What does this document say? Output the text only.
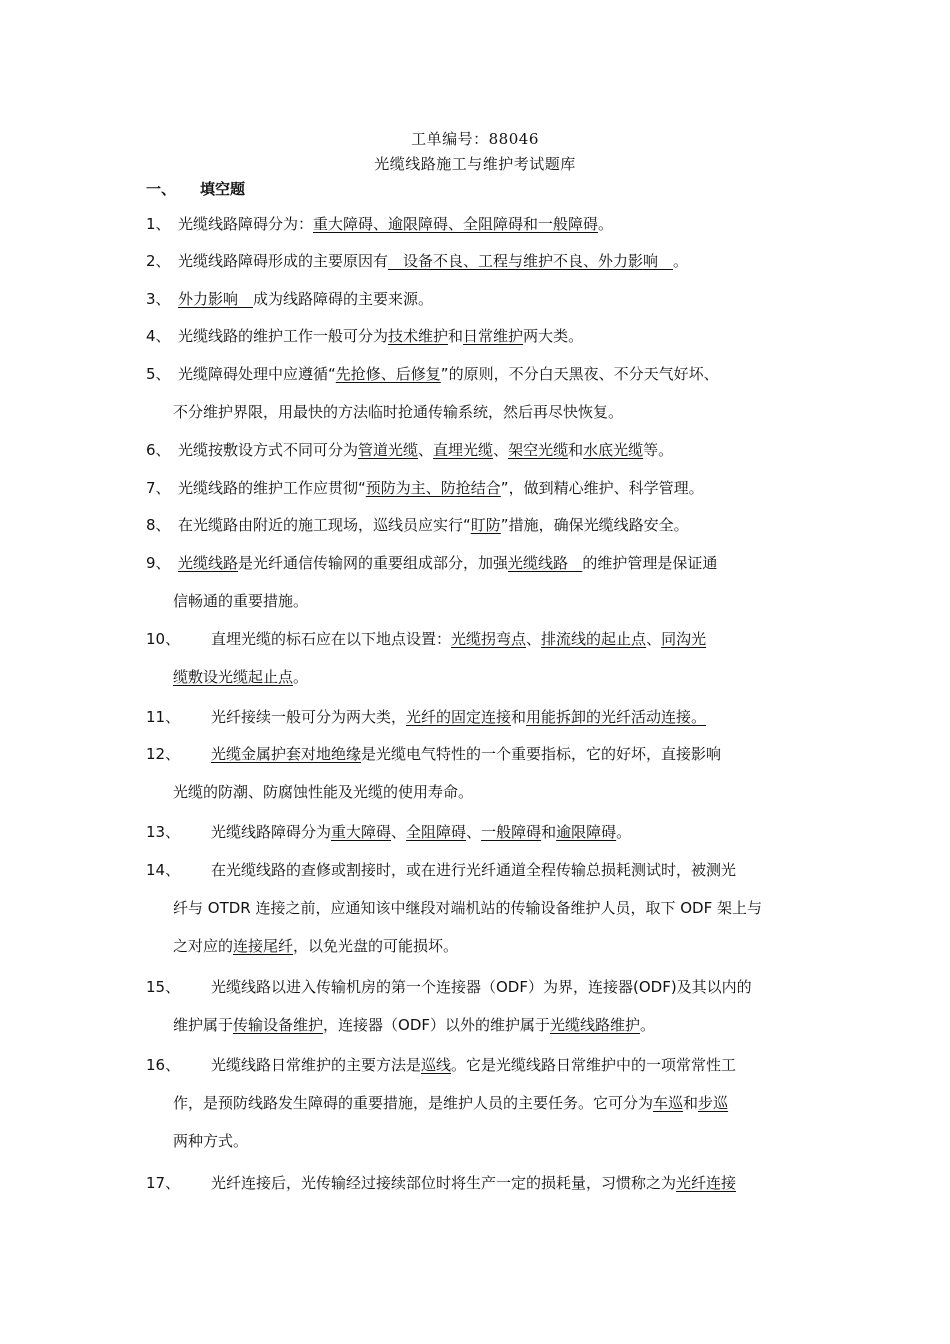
工单编号：88046
光缆线路施工与维护考试题库
一、 填空题
1、 光缆线路障碍分为：重大障碍、逾限障碍、全阻障碍和一般障碍。
2、 光缆线路障碍形成的主要原因有　设备不良、工程与维护不良、外力影响　。
3、 外力影响　成为线路障碍的主要来源。
4、 光缆线路的维护工作一般可分为技术维护和日常维护两大类。
5、 光缆障碍处理中应遵循“先抢修、后修复”的原则，不分白天黑夜、不分天气好坏、
不分维护界限，用最快的方法临时抢通传输系统，然后再尽快恢复。
6、 光缆按敷设方式不同可分为管道光缆、直埋光缆、架空光缆和水底光缆等。
7、 光缆线路的维护工作应贯彻“预防为主、防抢结合”，做到精心维护、科学管理。
8、 在光缆路由附近的施工现场，巡线员应实行“盯防”措施，确保光缆线路安全。
9、 光缆线路是光纤通信传输网的重要组成部分，加强光缆线路 的维护管理是保证通
信畅通的重要措施。
10、 直埋光缆的标石应在以下地点设置：光缆拐弯点、排流线的起止点、同沟光
缆敷设光缆起止点。
11、 光纤接续一般可分为两大类，光纤的固定连接和用能拆卸的光纤活动连接。
12、 光缆金属护套对地绝缘是光缆电气特性的一个重要指标，它的好坏，直接影响
光缆的防潮、防腐蚀性能及光缆的使用寿命。
13、 光缆线路障碍分为重大障碍、全阻障碍、一般障碍和逾限障碍。
14、 在光缆线路的查修或割接时，或在进行光纤通道全程传输总损耗测试时，被测光
纤与 OTDR 连接之前，应通知该中继段对端机站的传输设备维护人员，取下 ODF 架上与
之对应的连接尾纤，以免光盘的可能损坏。
15、 光缆线路以进入传输机房的第一个连接器（ODF）为界，连接器(ODF)及其以内的
维护属于传输设备维护，连接器（ODF）以外的维护属于光缆线路维护。
16、 光缆线路日常维护的主要方法是巡线。它是光缆线路日常维护中的一项常常性工
作，是预防线路发生障碍的重要措施，是维护人员的主要任务。它可分为车巡和步巡
两种方式。
17、 光纤连接后，光传输经过接续部位时将生产一定的损耗量，习惯称之为光纤连接
